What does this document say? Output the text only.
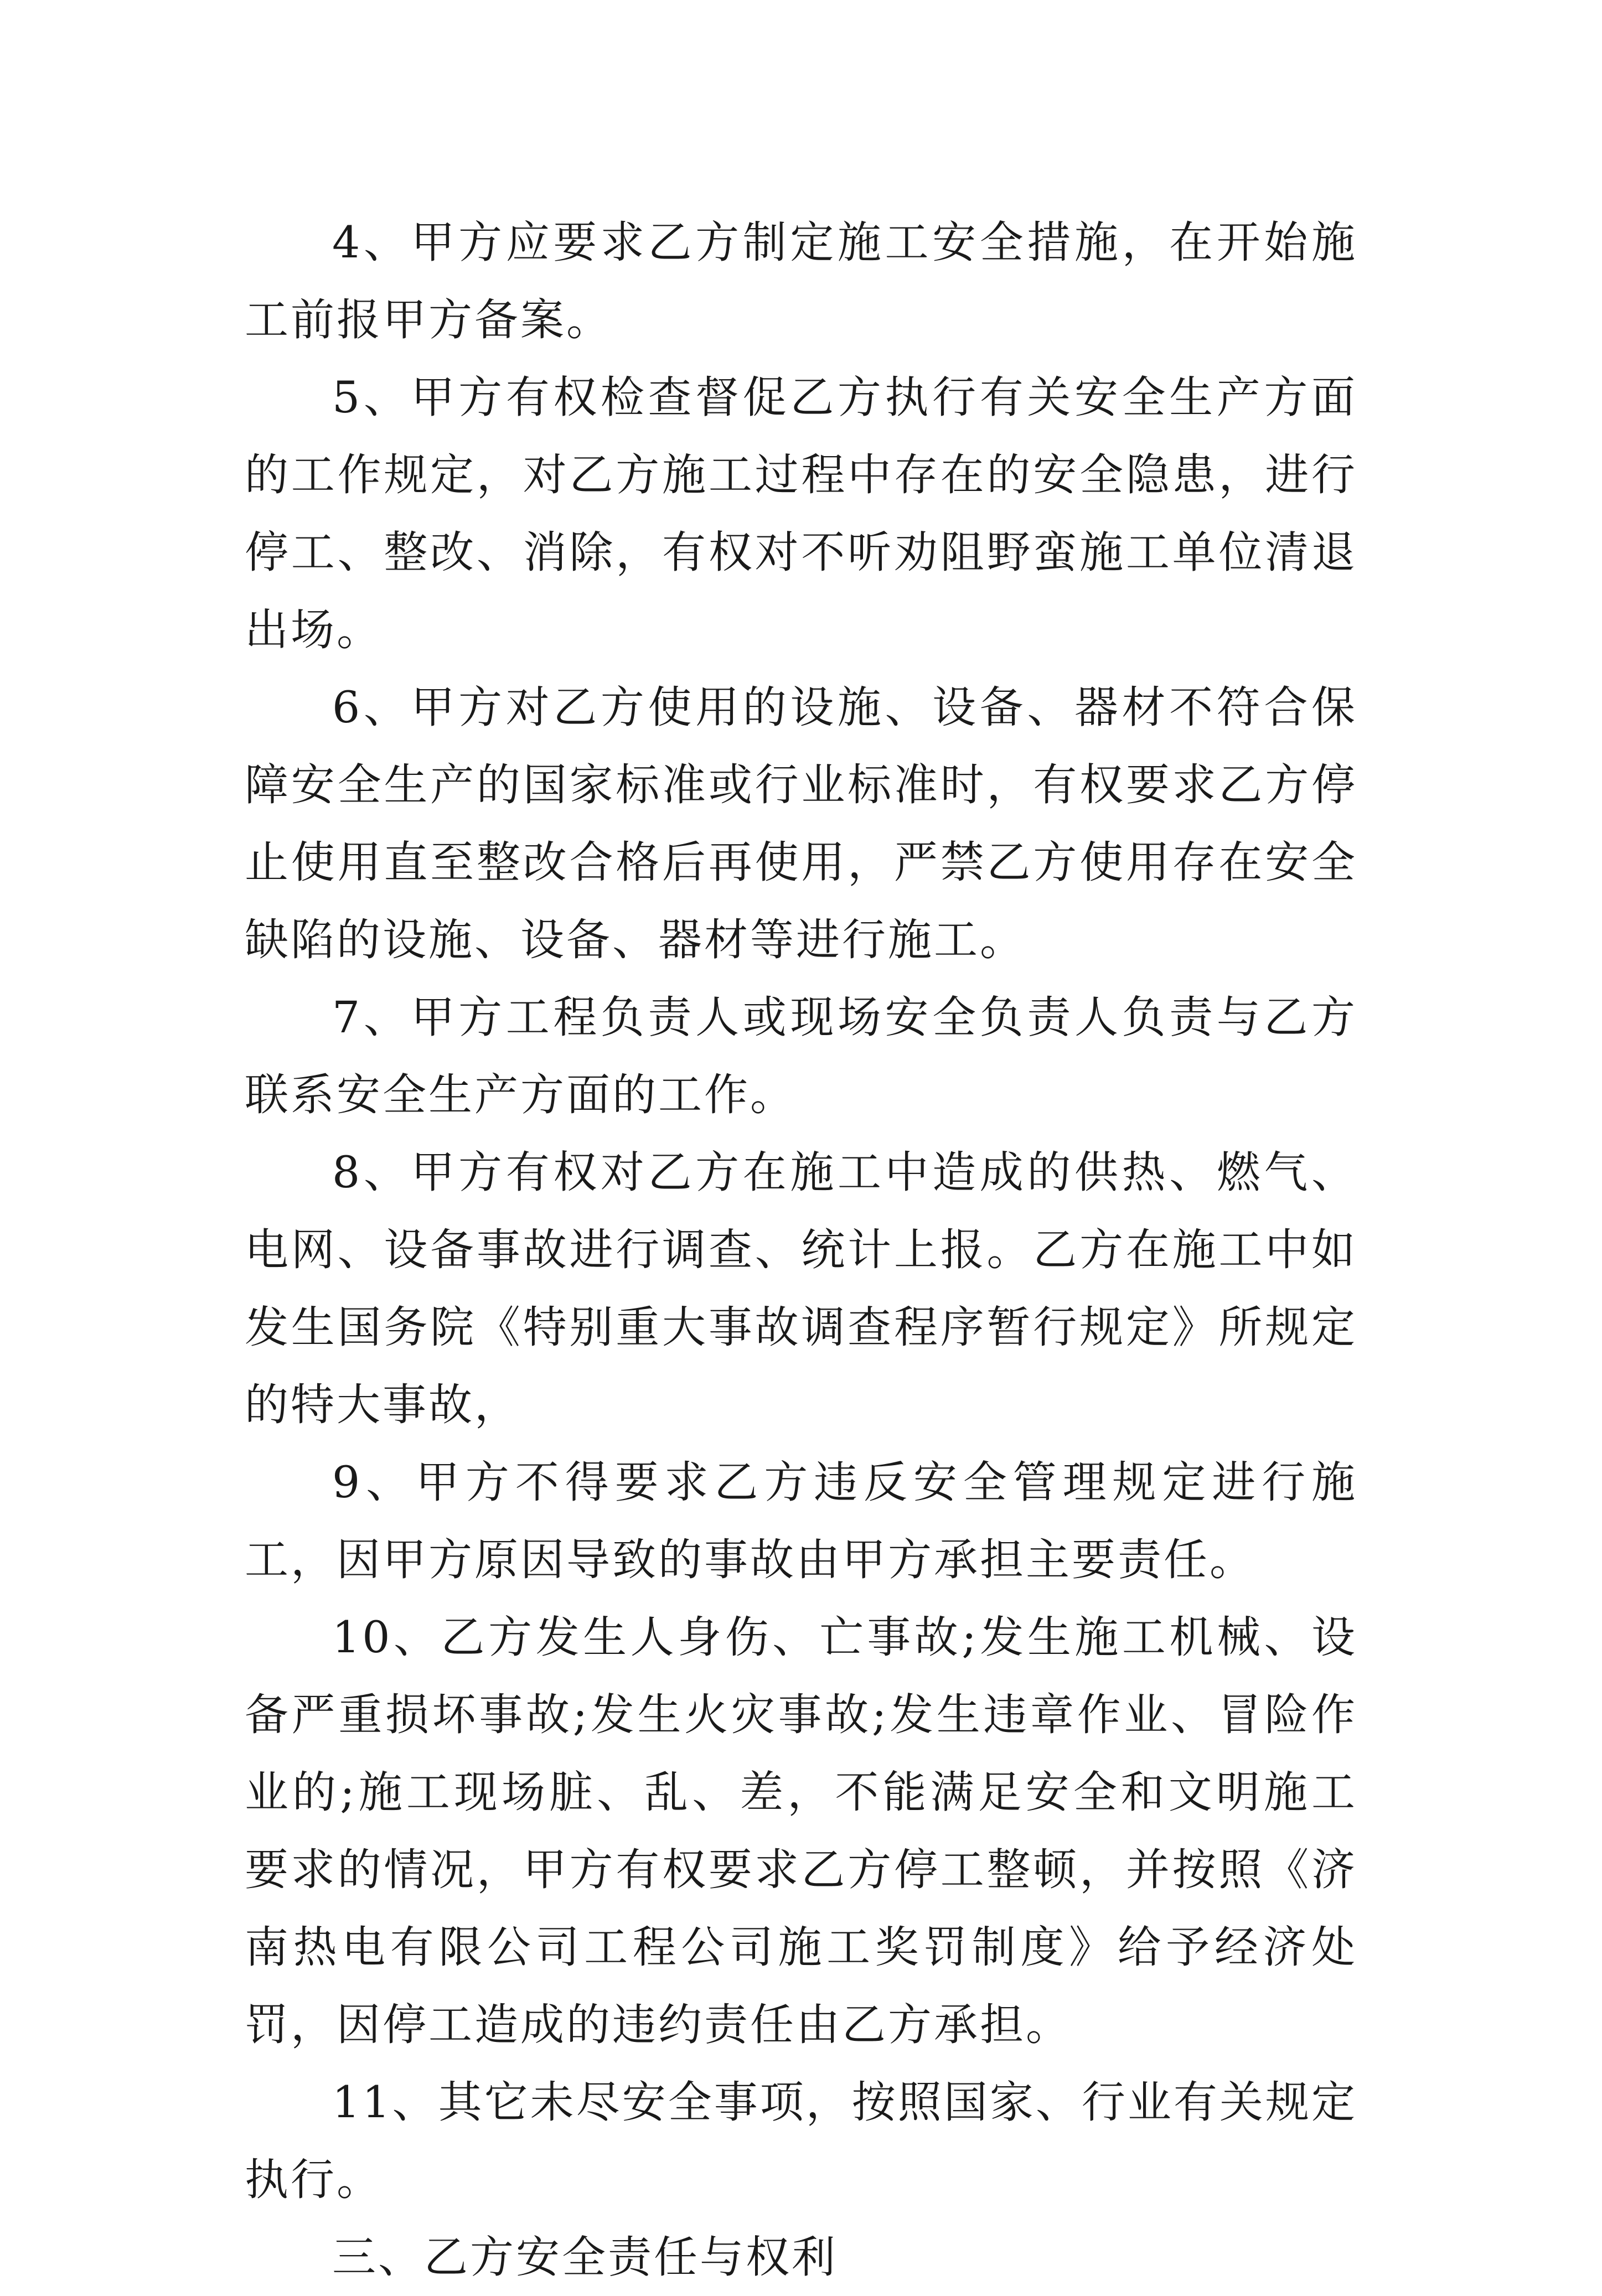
4、甲方应要求乙方制定施工安全措施，在开始施工前报甲方备案。

5、甲方有权检查督促乙方执行有关安全生产方面的工作规定，对乙方施工过程中存在的安全隐患，进行停工、整改、消除，有权对不听劝阻野蛮施工单位清退出场。

6、甲方对乙方使用的设施、设备、器材不符合保障安全生产的国家标准或行业标准时，有权要求乙方停止使用直至整改合格后再使用，严禁乙方使用存在安全缺陷的设施、设备、器材等进行施工。

7、甲方工程负责人或现场安全负责人负责与乙方联系安全生产方面的工作。

8、甲方有权对乙方在施工中造成的供热、燃气、电网、设备事故进行调查、统计上报。乙方在施工中如发生国务院《特别重大事故调查程序暂行规定》所规定的特大事故，

9、甲方不得要求乙方违反安全管理规定进行施工，因甲方原因导致的事故由甲方承担主要责任。

10、乙方发生人身伤、亡事故;发生施工机械、设备严重损坏事故;发生火灾事故;发生违章作业、冒险作业的;施工现场脏、乱、差，不能满足安全和文明施工要求的情况，甲方有权要求乙方停工整顿，并按照《济南热电有限公司工程公司施工奖罚制度》给予经济处罚，因停工造成的违约责任由乙方承担。

11、其它未尽安全事项，按照国家、行业有关规定执行。

三、乙方安全责任与权利
